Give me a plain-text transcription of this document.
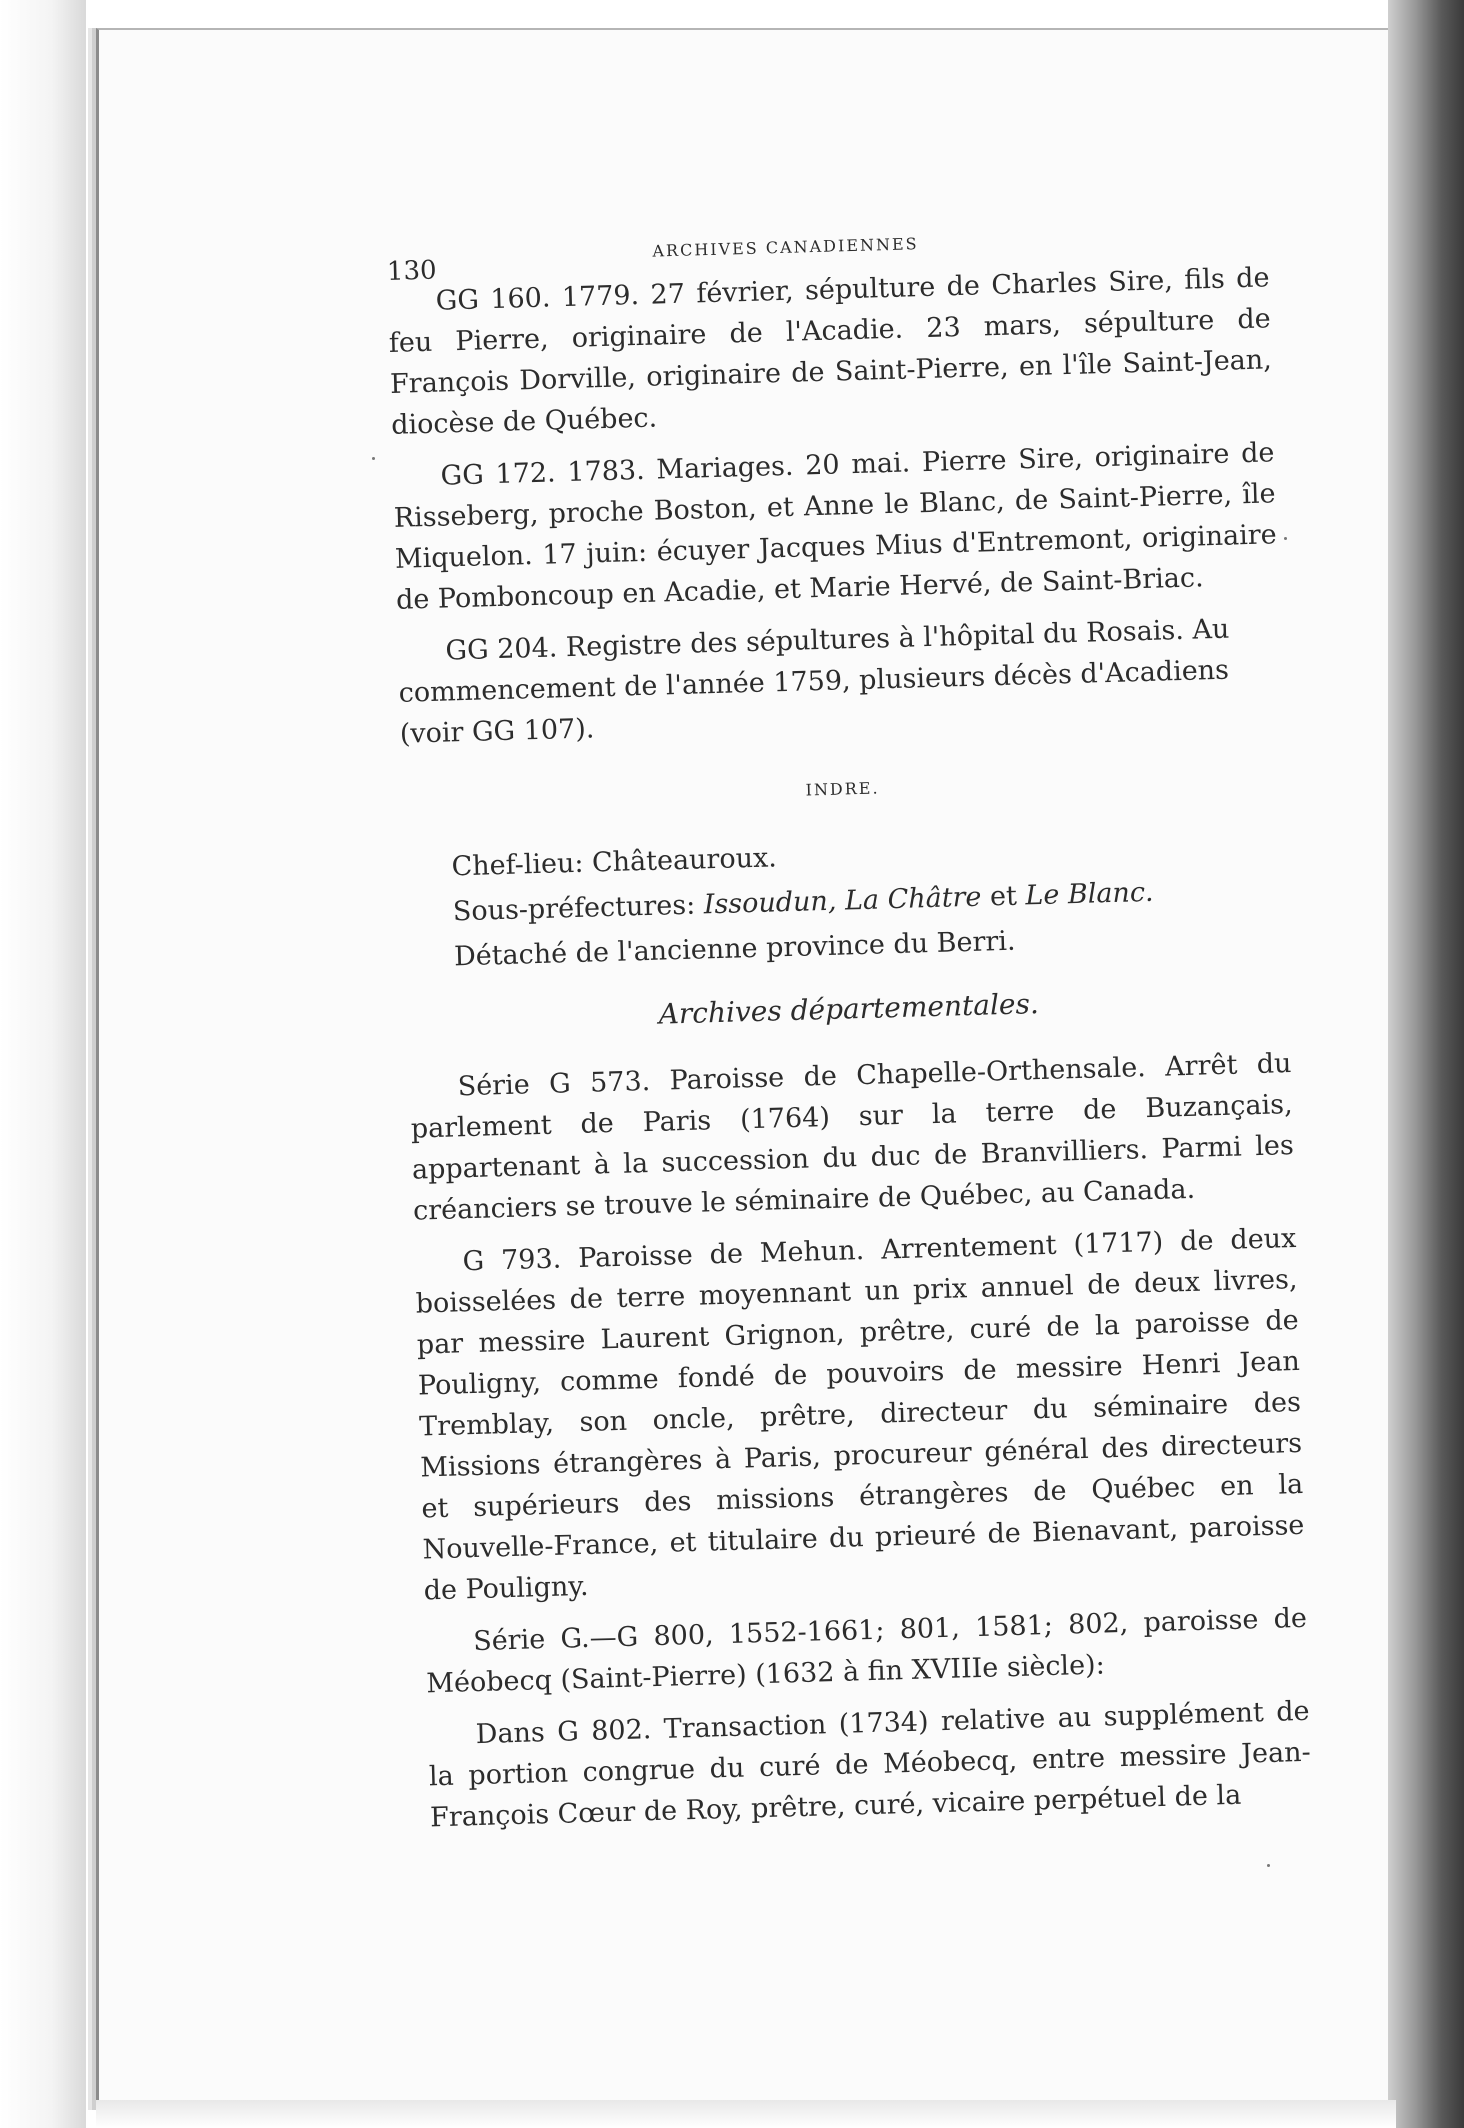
130
ARCHIVES CANADIENNES

GG 160. 1779. 27 février, sépulture de Charles Sire, fils de feu Pierre, originaire de l'Acadie. 23 mars, sépulture de François Dorville, originaire de Saint-Pierre, en l'île Saint-Jean, diocèse de Québec.

GG 172. 1783. Mariages. 20 mai. Pierre Sire, originaire de Risseberg, proche Boston, et Anne le Blanc, de Saint-Pierre, île Miquelon. 17 juin: écuyer Jacques Mius d'Entremont, originaire de Pomboncoup en Acadie, et Marie Hervé, de Saint-Briac.

GG 204. Registre des sépultures à l'hôpital du Rosais. Au commencement de l'année 1759, plusieurs décès d'Acadiens (voir GG 107).

INDRE.
Chef-lieu: Châteauroux.
Sous-préfectures: Issoudun, La Châtre et Le Blanc.
Détaché de l'ancienne province du Berri.
Archives départementales.

Série G 573. Paroisse de Chapelle-Orthensale. Arrêt du parlement de Paris (1764) sur la terre de Buzançais, appartenant à la succession du duc de Branvilliers. Parmi les créanciers se trouve le séminaire de Québec, au Canada.

G 793. Paroisse de Mehun. Arrentement (1717) de deux boisselées de terre moyennant un prix annuel de deux livres, par messire Laurent Grignon, prêtre, curé de la paroisse de Pouligny, comme fondé de pouvoirs de messire Henri Jean Tremblay, son oncle, prêtre, directeur du séminaire des Missions étrangères à Paris, procureur général des directeurs et supérieurs des missions étrangères de Québec en la Nouvelle-France, et titulaire du prieuré de Bienavant, paroisse de Pouligny.

Série G.—G 800, 1552-1661; 801, 1581; 802, paroisse de Méobecq (Saint-Pierre) (1632 à fin XVIIIe siècle):

Dans G 802. Transaction (1734) relative au supplément de la portion congrue du curé de Méobecq, entre messire Jean-François Cœur de Roy, prêtre, curé, vicaire perpétuel de la
